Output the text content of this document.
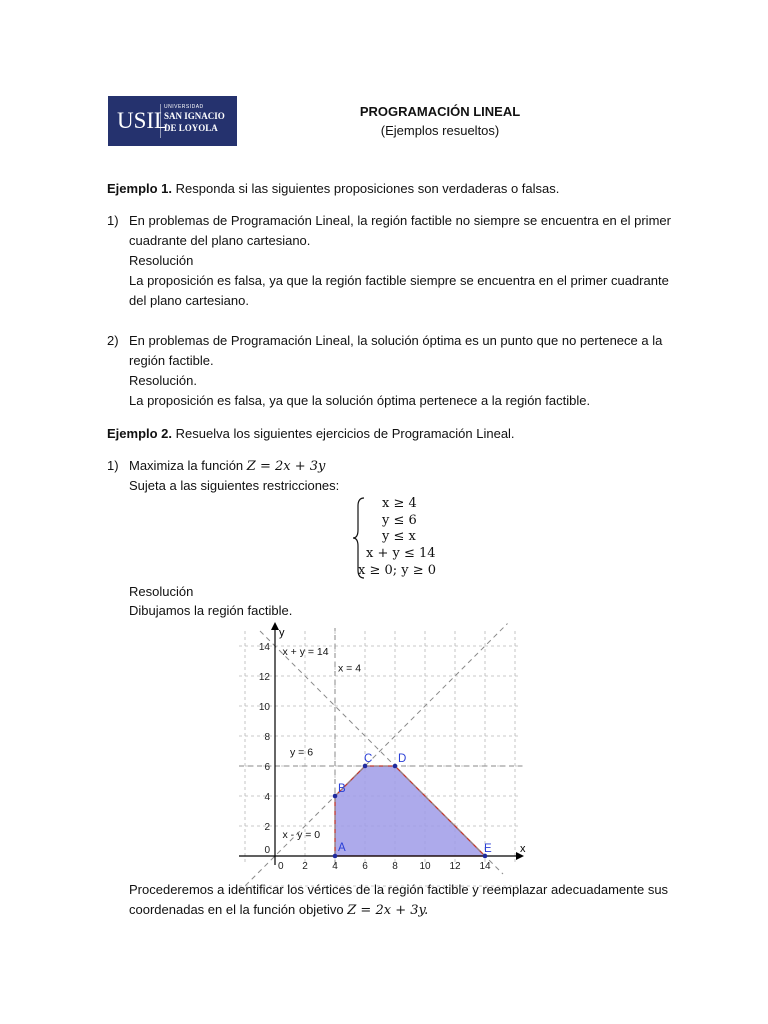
USIL
UNIVERSIDAD
SAN IGNACIO
DE LOYOLA
PROGRAMACIÓN LINEAL
(Ejemplos resueltos)
Ejemplo 1. Responda si las siguientes proposiciones son verdaderas o falsas.
1) En problemas de Programación Lineal, la región factible no siempre se encuentra en el primer
cuadrante del plano cartesiano.
Resolución
La proposición es falsa, ya que la región factible siempre se encuentra en el primer cuadrante
del plano cartesiano.
2) En problemas de Programación Lineal, la solución óptima es un punto que no pertenece a la
región factible.
Resolución.
La proposición es falsa, ya que la solución óptima pertenece a la región factible.
Ejemplo 2. Resuelva los siguientes ejercicios de Programación Lineal.
1) Maximiza la función Z = 2x + 3y
Sujeta a las siguientes restricciones:
x ≥ 4
y ≤ 6
y ≤ x
x + y ≤ 14
x ≥ 0; y ≥ 0
Resolución
Dibujamos la región factible.
x
y
0 2 4 6 8 10 12 14
0
2
4
6
8
10
12
14 x + y = 14
x = 4
y = 6
x - y = 0
A
B
C D
E
Procederemos a identificar los vértices de la región factible y reemplazar adecuadamente sus
coordenadas en el la función objetivo Z = 2x + 3y.
